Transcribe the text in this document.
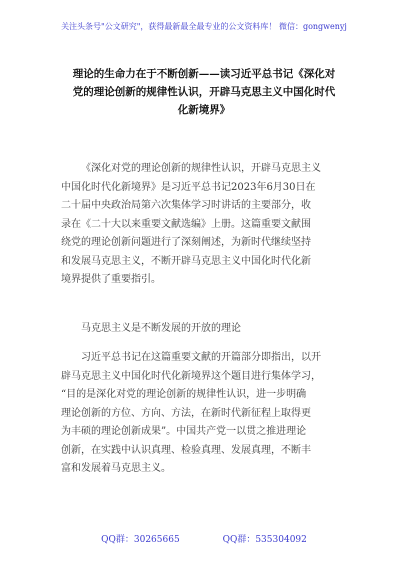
关注头条号"公文研究"，获得最新最全最专业的公文资料库！ 微信：gongwenyj
理论的生命力在于不断创新——读习近平总书记《深化对
党的理论创新的规律性认识，开辟马克思主义中国化时代
化新境界》
《深化对党的理论创新的规律性认识，开辟马克思主义
中国化时代化新境界》是习近平总书记2023年6月30日在
二十届中央政治局第六次集体学习时讲话的主要部分，收
录在《二十大以来重要文献选编》上册。这篇重要文献围
绕党的理论创新问题进行了深刻阐述，为新时代继续坚持
和发展马克思主义，不断开辟马克思主义中国化时代化新
境界提供了重要指引。
马克思主义是不断发展的开放的理论
习近平总书记在这篇重要文献的开篇部分即指出，以开
辟马克思主义中国化时代化新境界这个题目进行集体学习，
“目的是深化对党的理论创新的规律性认识，进一步明确
理论创新的方位、方向、方法，在新时代新征程上取得更
为丰硕的理论创新成果”。中国共产党一以贯之推进理论
创新，在实践中认识真理、检验真理、发展真理，不断丰
富和发展着马克思主义。
QQ群：30265665	QQ群：535304092
